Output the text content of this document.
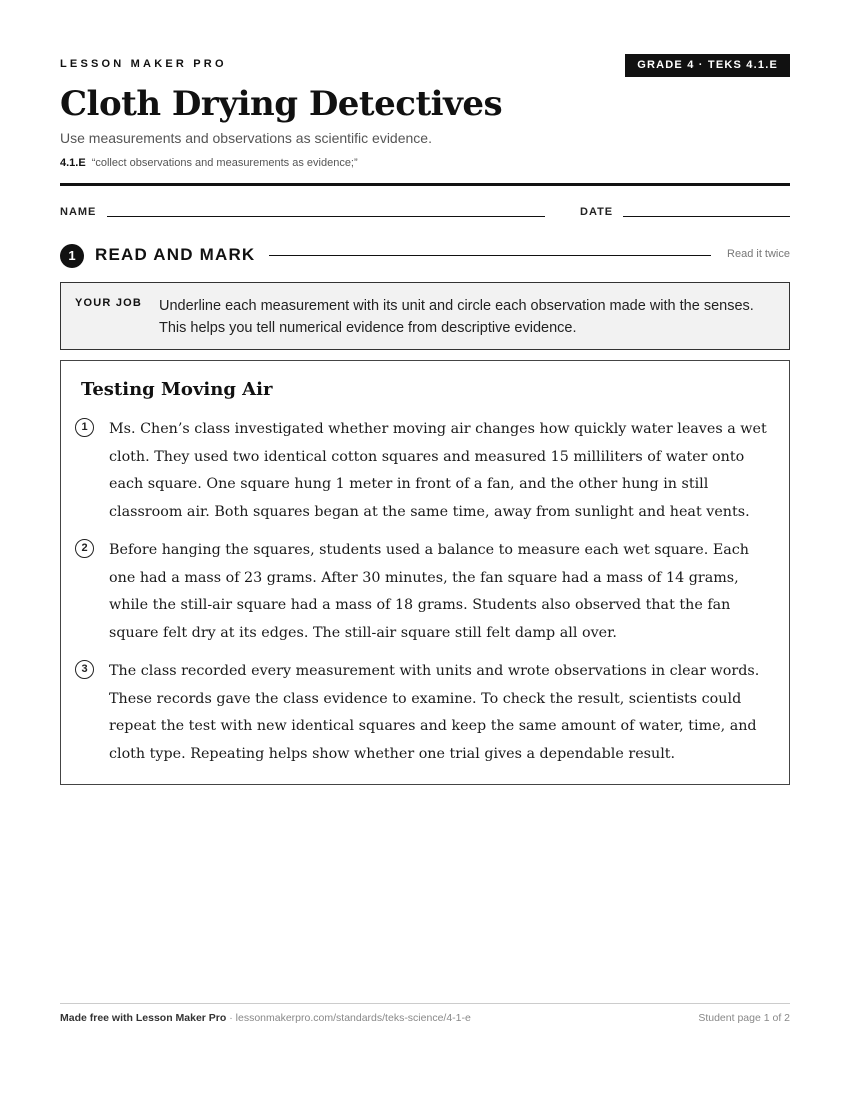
LESSON MAKER PRO	GRADE 4 · TEKS 4.1.E
Cloth Drying Detectives
Use measurements and observations as scientific evidence.
4.1.E “collect observations and measurements as evidence;”
NAME	DATE
1	READ AND MARK	Read it twice
YOUR JOB Underline each measurement with its unit and circle each observation made with the senses. This helps you tell numerical evidence from descriptive evidence.
Testing Moving Air
1	Ms. Chen’s class investigated whether moving air changes how quickly water leaves a wet cloth. They used two identical cotton squares and measured 15 milliliters of water onto each square. One square hung 1 meter in front of a fan, and the other hung in still classroom air. Both squares began at the same time, away from sunlight and heat vents.
2	Before hanging the squares, students used a balance to measure each wet square. Each one had a mass of 23 grams. After 30 minutes, the fan square had a mass of 14 grams, while the still-air square had a mass of 18 grams. Students also observed that the fan square felt dry at its edges. The still-air square still felt damp all over.
3	The class recorded every measurement with units and wrote observations in clear words. These records gave the class evidence to examine. To check the result, scientists could repeat the test with new identical squares and keep the same amount of water, time, and cloth type. Repeating helps show whether one trial gives a dependable result.
Made free with Lesson Maker Pro · lessonmakerpro.com/standards/teks-science/4-1-e	Student page 1 of 2
